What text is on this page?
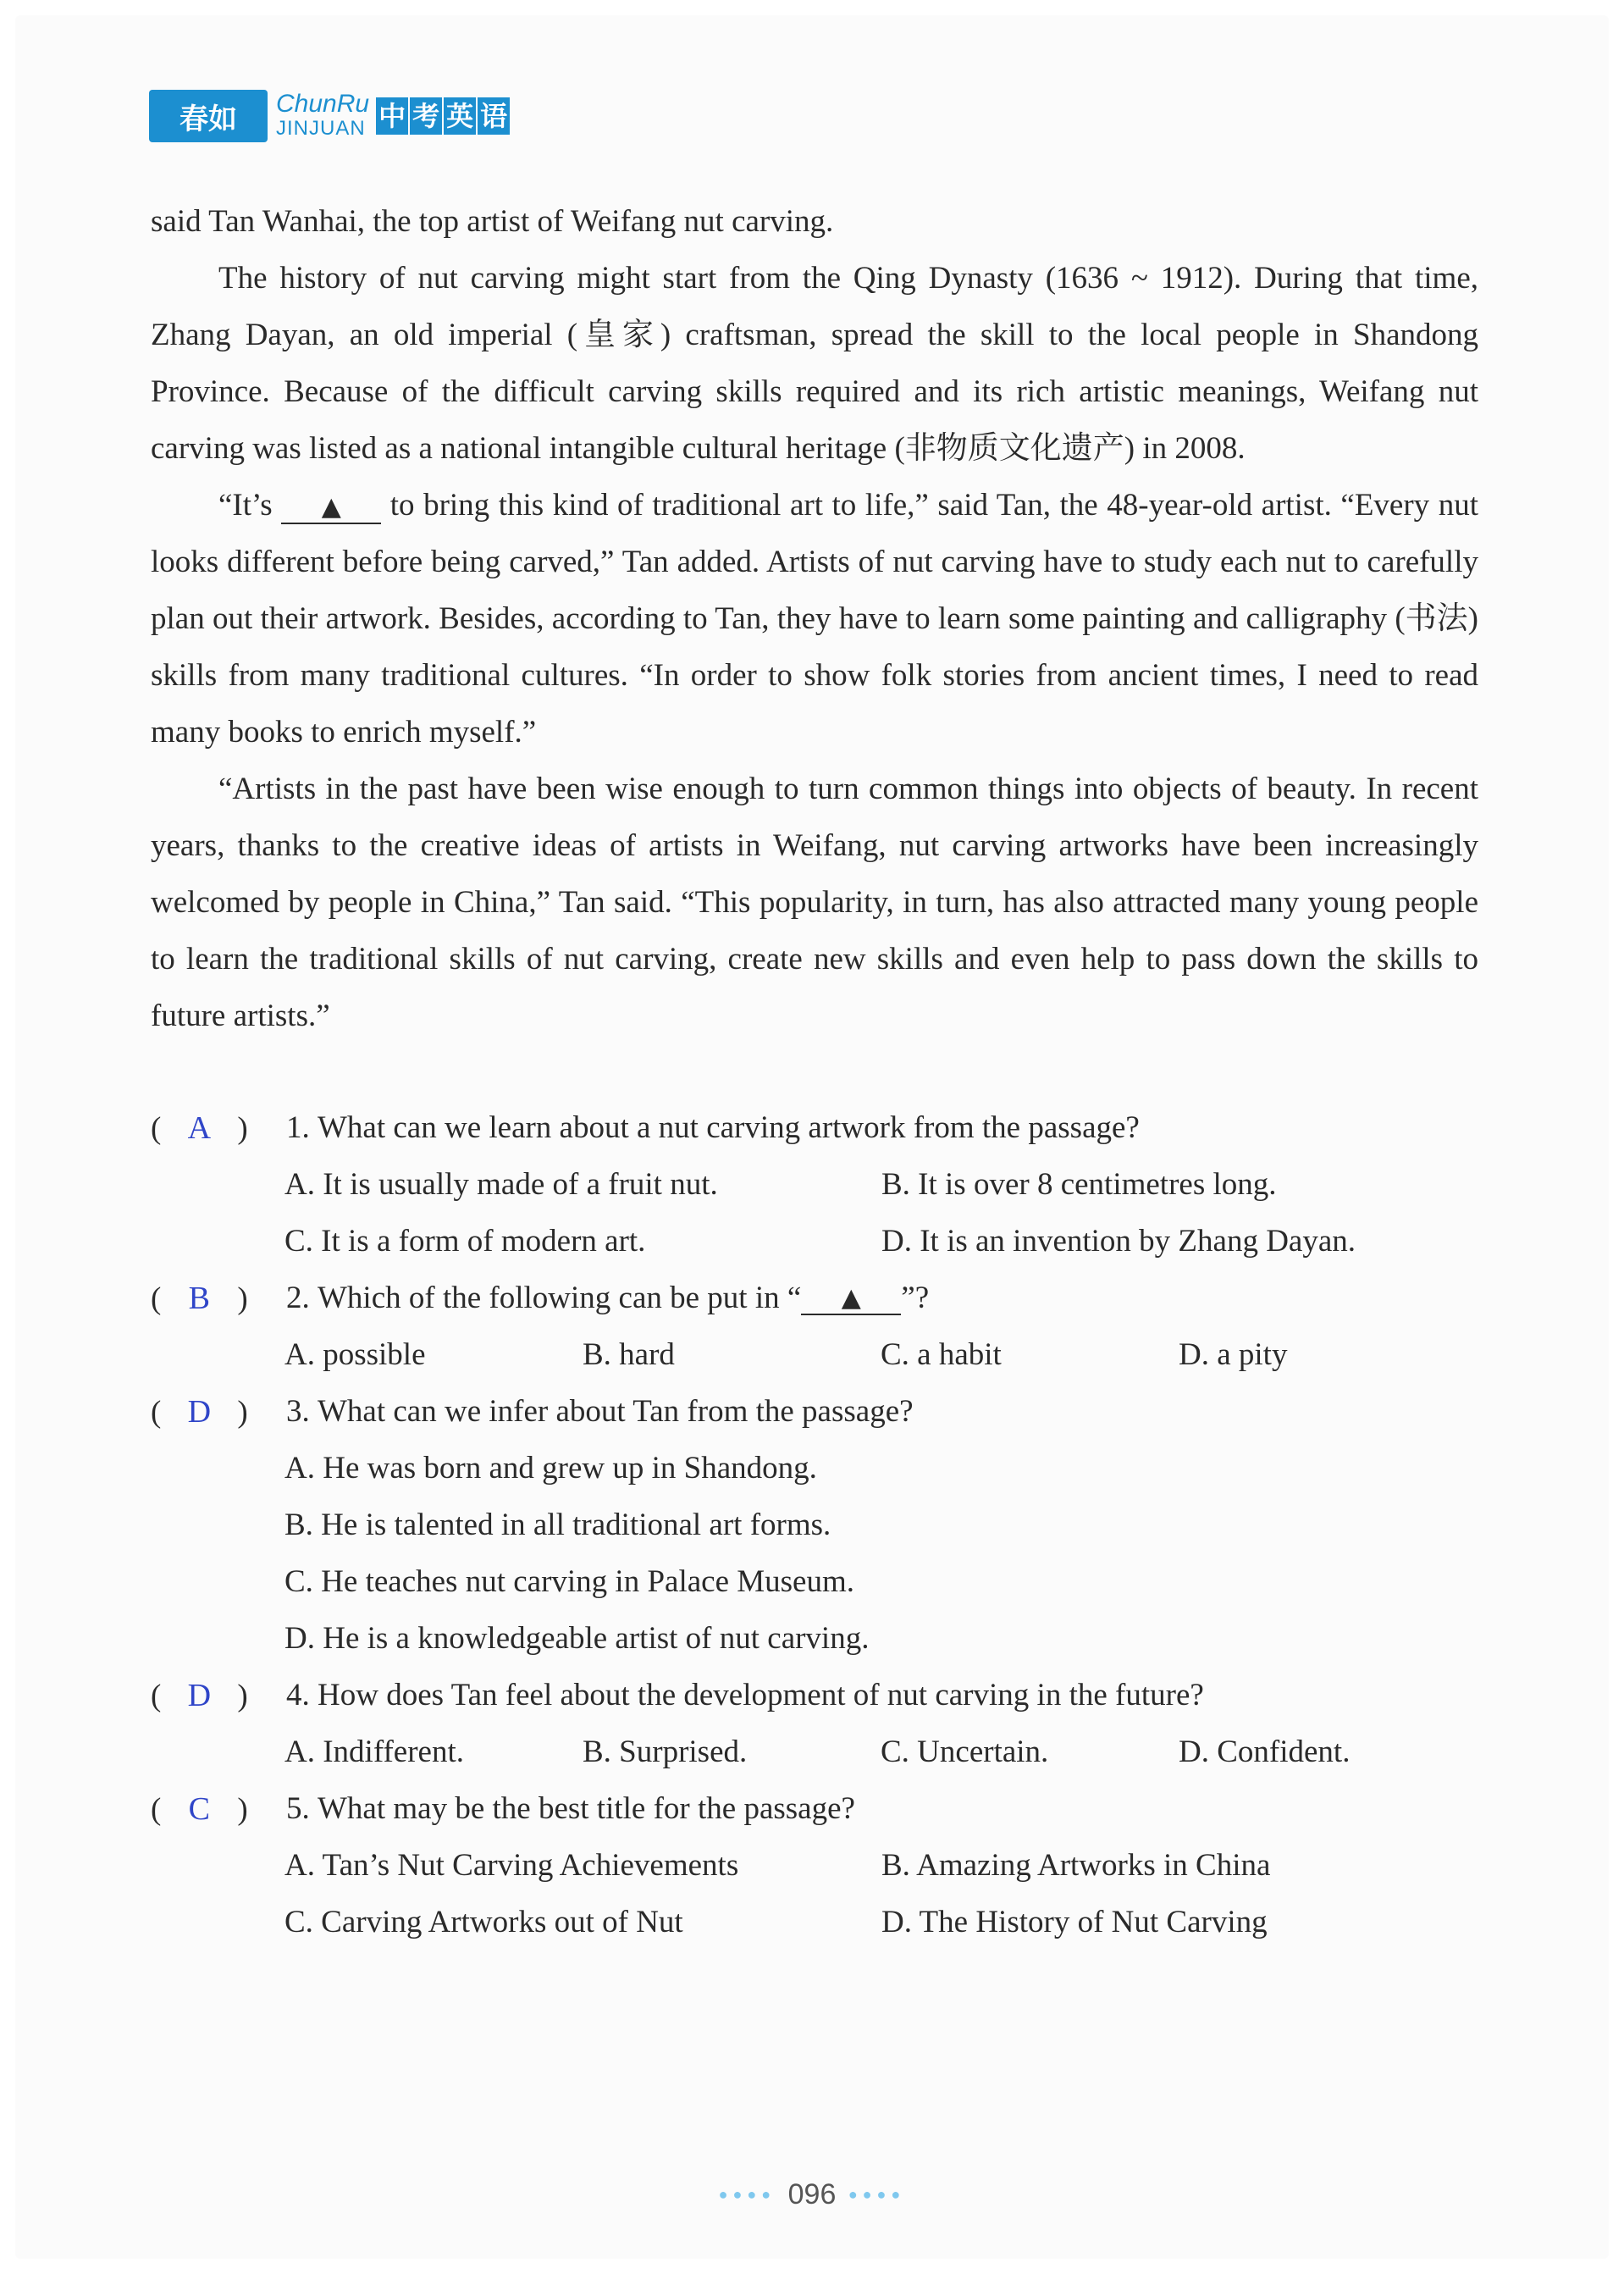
春如	ChunRu
JINJUAN 中 考 英 语

said Tan Wanhai, the top artist of Weifang nut carving.

The history of nut carving might start from the Qing Dynasty (1636 ~ 1912). During that time, Zhang Dayan, an old imperial (皇家) craftsman, spread the skill to the local people in Shandong Province. Because of the difficult carving skills required and its rich artistic meanings, Weifang nut carving was listed as a national intangible cultural heritage (非物质文化遗产) in 2008.

“It’s ▲ to bring this kind of traditional art to life,” said Tan, the 48-year-old artist. “Every nut looks different before being carved,” Tan added. Artists of nut carving have to study each nut to carefully plan out their artwork. Besides, according to Tan, they have to learn some painting and calligraphy (书法) skills from many traditional cultures. “In order to show folk stories from ancient times, I need to read many books to enrich myself.”

“Artists in the past have been wise enough to turn common things into objects of beauty. In recent years, thanks to the creative ideas of artists in Weifang, nut carving artworks have been increasingly welcomed by people in China,” Tan said. “This popularity, in turn, has also attracted many young people to learn the traditional skills of nut carving, create new skills and even help to pass down the skills to future artists.”

( A )	1.
What can we learn about a nut carving artwork from the passage?
A. It is usually made of a fruit nut.	B. It is over 8 centimetres long.
C. It is a form of modern art.	D. It is an invention by Zhang Dayan.
( B )	2.
Which of the following can be put in “	▲	”?
A. possible	B. hard	C. a habit	D. a pity
( D )	3.
What can we infer about Tan from the passage?
A. He was born and grew up in Shandong.
B. He is talented in all traditional art forms.
C. He teaches nut carving in Palace Museum.
D. He is a knowledgeable artist of nut carving.
( D )	4.
How does Tan feel about the development of nut carving in the future?
A. Indifferent.	B. Surprised.	C. Uncertain.	D. Confident.
( C )	5.
What may be the best title for the passage?
A. Tan’s Nut Carving Achievements	B. Amazing Artworks in China
C. Carving Artworks out of Nut	D. The History of Nut Carving
●●●● 096 ●●●●
